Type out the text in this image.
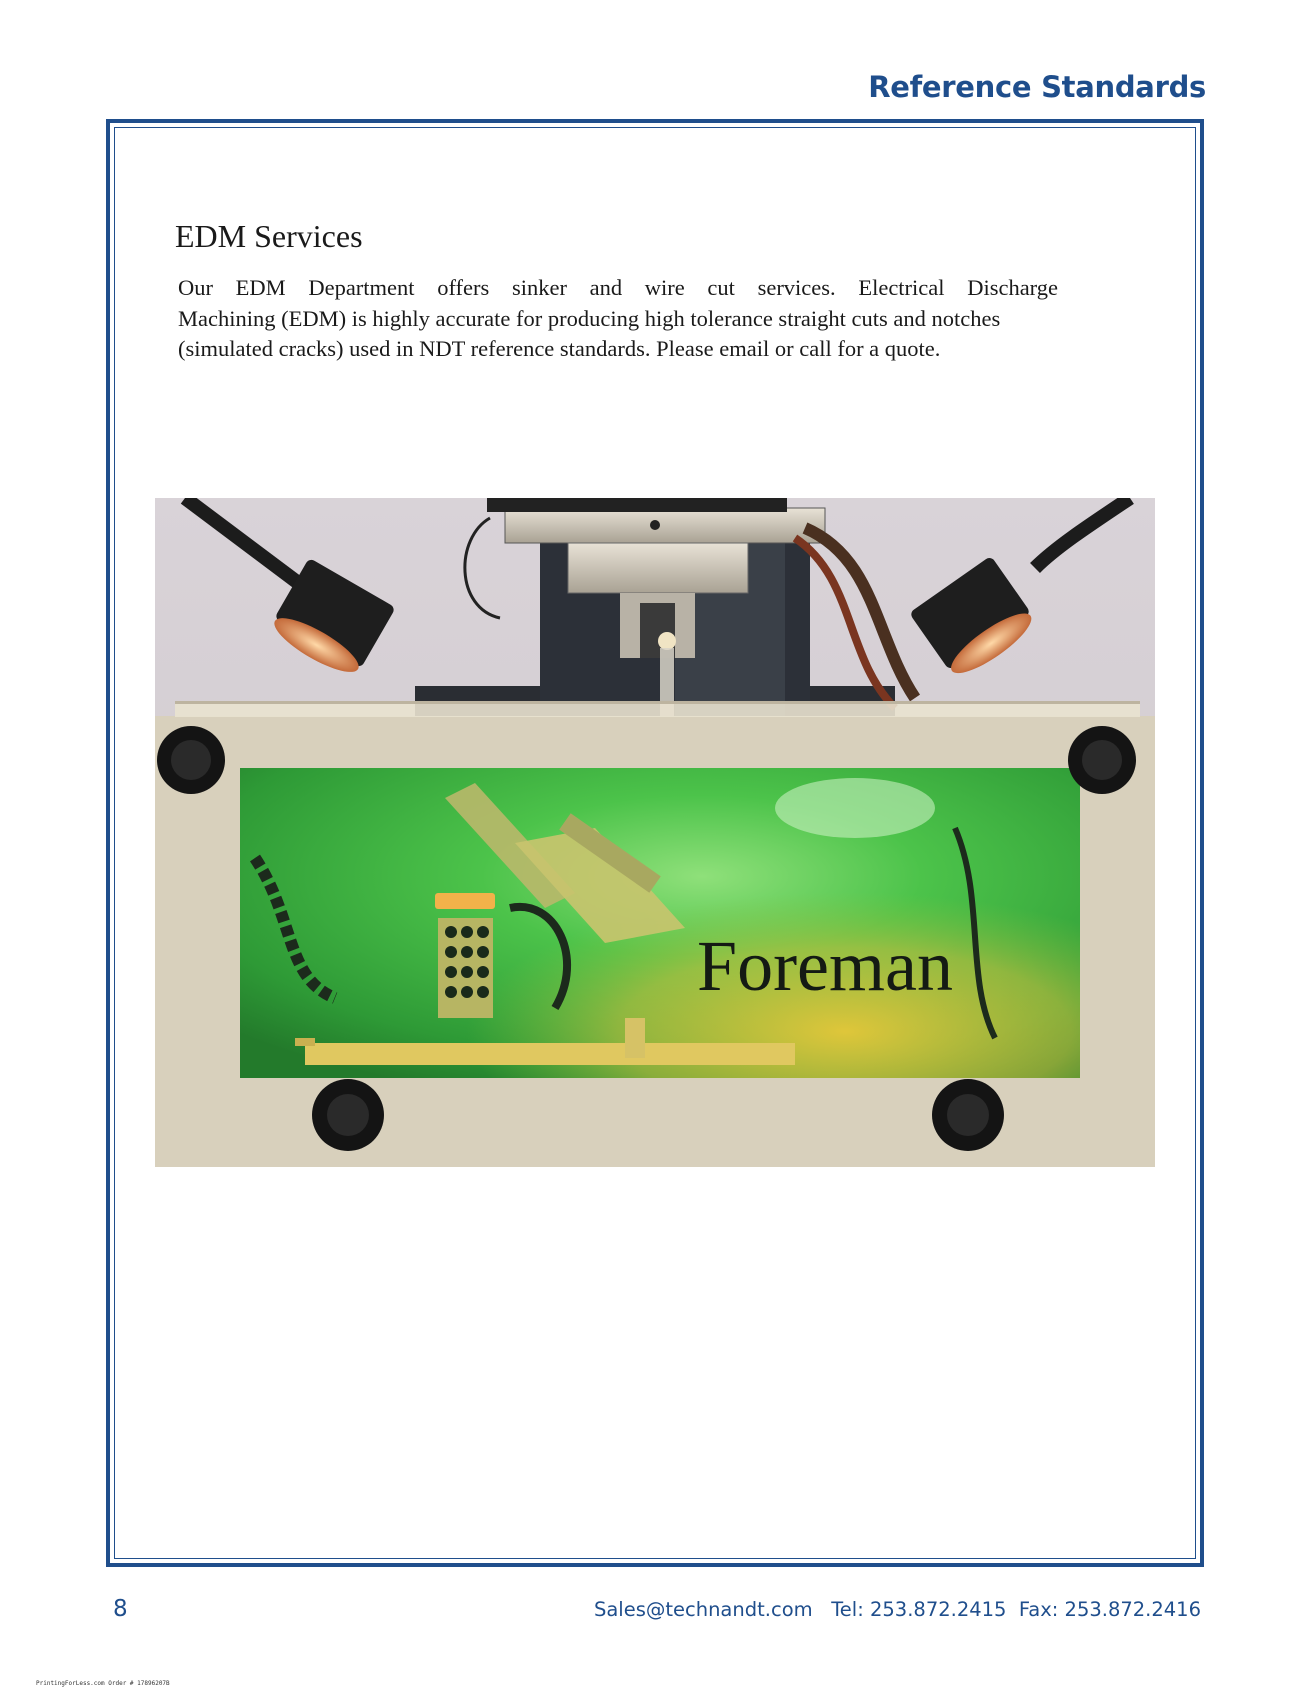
Reference Standards
EDM Services
Our EDM Department offers sinker and wire cut services. Electrical Discharge
Machining (EDM) is highly accurate for producing high tolerance straight cuts and notches
(simulated cracks) used in NDT reference standards. Please email or call for a quote.
Foreman
8	Sales@technandt.com   Tel: 253.872.2415  Fax: 253.872.2416
PrintingForLess.com Order # 17896207B
